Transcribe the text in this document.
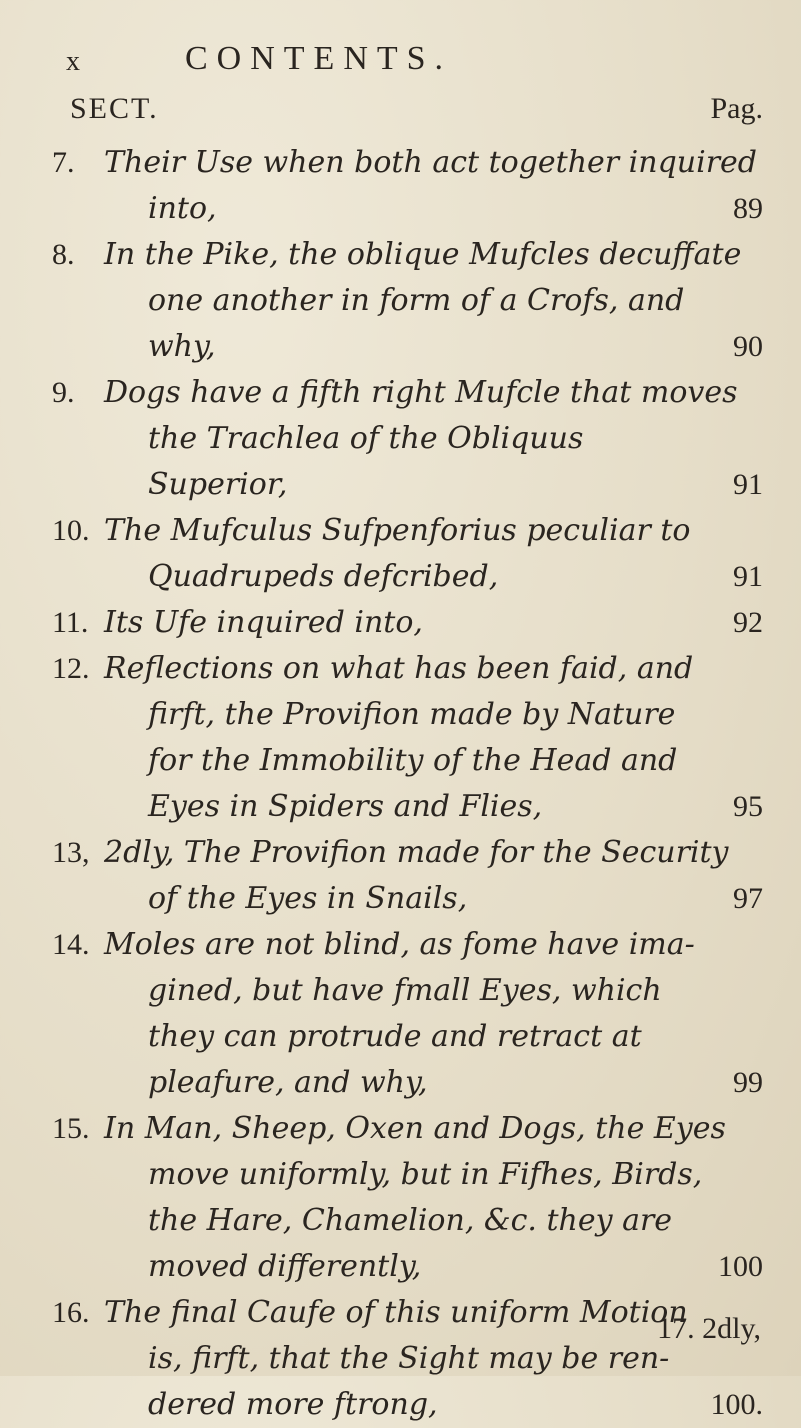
x	CONTENTS.
SECT.	Pag.
7. Their Use when both act together inquired
into,	89
8. In the Pike, the oblique Mufcles decuffate
one another in form of a Crofs, and
why,	90
9. Dogs have a fifth right Mufcle that moves
the Trachlea of the Obliquus
Superior,	91
10. The Mufculus Sufpenforius peculiar to
Quadrupeds defcribed,	91
11. Its Ufe inquired into,	92
12. Reflections on what has been faid, and
firft, the Provifion made by Nature
for the Immobility of the Head and
Eyes in Spiders and Flies,	95
13, 2dly, The Provifion made for the Security
of the Eyes in Snails,	97
14. Moles are not blind, as fome have ima-
gined, but have fmall Eyes, which
they can protrude and retract at
pleafure, and why,	99
15. In Man, Sheep, Oxen and Dogs, the Eyes
move uniformly, but in Fifhes, Birds,
the Hare, Chamelion, &c. they are
moved differently,	100
16. The final Caufe of this uniform Motion
is, firft, that the Sight may be ren-
dered more ftrong,	100.
17. 2dly,
